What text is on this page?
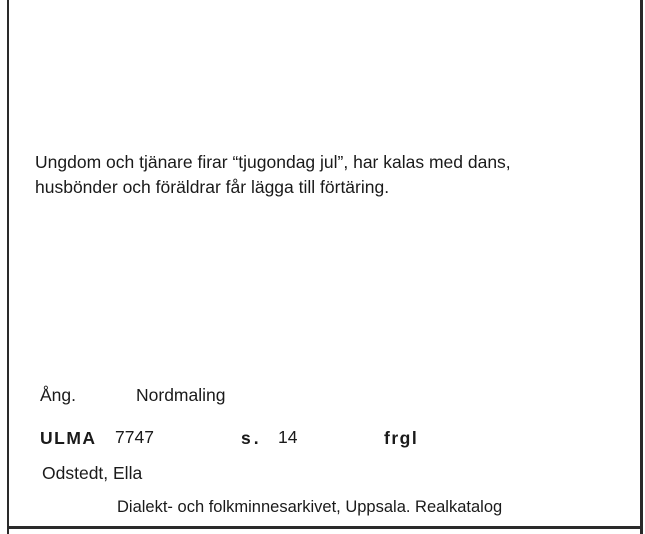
Ungdom och tjänare firar “tjugondag jul”, har kalas med dans,
husbönder och föräldrar får lägga till förtäring.
Ång.	Nordmaling
ULMA 7747	s. 14	frgl
Odstedt, Ella
Dialekt- och folkminnesarkivet, Uppsala. Realkatalog
